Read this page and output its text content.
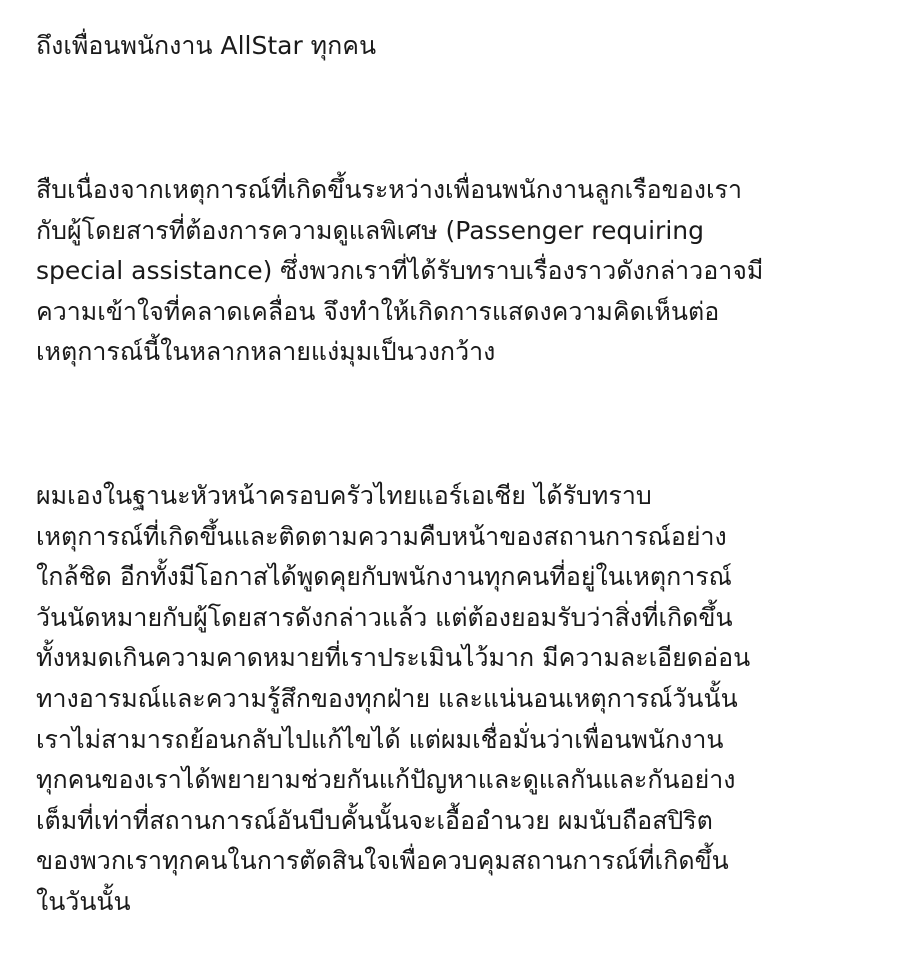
ถึงเพื่อนพนักงาน AllStar ทุกคน

สืบเนื่องจากเหตุการณ์ที่เกิดขึ้นระหว่างเพื่อนพนักงานลูกเรือของเรา
กับผู้โดยสารที่ต้องการความดูแลพิเศษ (Passenger requiring
special assistance) ซึ่งพวกเราที่ได้รับทราบเรื่องราวดังกล่าวอาจมี
ความเข้าใจที่คลาดเคลื่อน จึงทำให้เกิดการแสดงความคิดเห็นต่อ
เหตุการณ์นี้ในหลากหลายแง่มุมเป็นวงกว้าง
ผมเองในฐานะหัวหน้าครอบครัวไทยแอร์เอเชีย ได้รับทราบ
เหตุการณ์ที่เกิดขึ้นและติดตามความคืบหน้าของสถานการณ์อย่าง
ใกล้ชิด อีกทั้งมีโอกาสได้พูดคุยกับพนักงานทุกคนที่อยู่ในเหตุการณ์
วันนัดหมายกับผู้โดยสารดังกล่าวแล้ว แต่ต้องยอมรับว่าสิ่งที่เกิดขึ้น
ทั้งหมดเกินความคาดหมายที่เราประเมินไว้มาก มีความละเอียดอ่อน
ทางอารมณ์และความรู้สึกของทุกฝ่าย และแน่นอนเหตุการณ์วันนั้น
เราไม่สามารถย้อนกลับไปแก้ไขได้ แต่ผมเชื่อมั่นว่าเพื่อนพนักงาน
ทุกคนของเราได้พยายามช่วยกันแก้ปัญหาและดูแลกันและกันอย่าง
เต็มที่เท่าที่สถานการณ์อันบีบคั้นนั้นจะเอื้ออำนวย ผมนับถือสปิริต
ของพวกเราทุกคนในการตัดสินใจเพื่อควบคุมสถานการณ์ที่เกิดขึ้น
ในวันนั้น
